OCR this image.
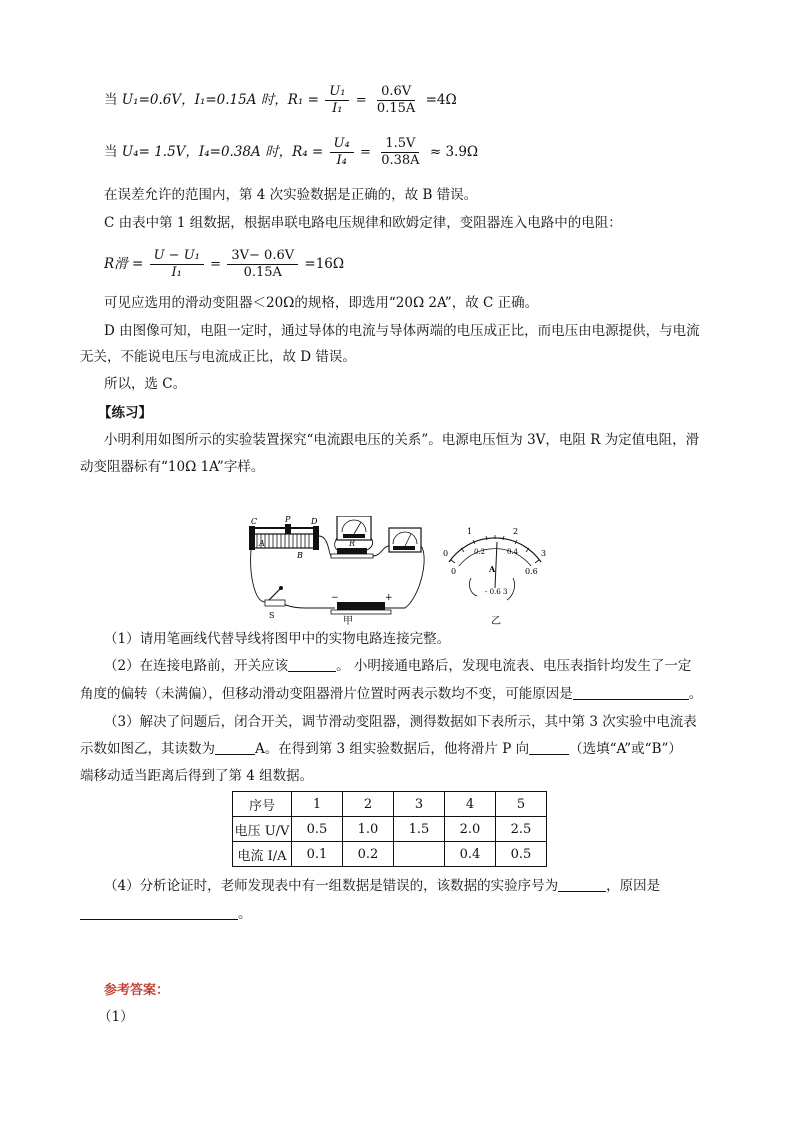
当 U₁=0.6V，I₁=0.15A 时，$R_1 = \frac{\text{U₁}}{\text{I₁}} = \frac{0.6V}{0.15A} =4\Omega$
当 U₄= 1.5V，I₄=0.38A 时，$R_4 = \frac{\text{U₄}}{\text{I₄}} = \frac{1.5V}{0.38A} \approx 3.9\Omega$
在误差允许的范围内，第 4 次实验数据是正确的，故 B 错误。
C 由表中第 1 组数据，根据串联电路电压规律和欧姆定律，变阻器连入电路中的电阻：
R滑 = $\frac{\text{U − U₁}}{\text{I₁}} = \frac{3V- 0.6V}{0.15A} =16\Omega$
可见应选用的滑动变阻器＜20Ω的规格，即选用“20Ω 2A”，故 C 正确。
D 由图像可知，电阻一定时，通过导体的电流与导体两端的电压成正比，而电压由电源提供，与电流
无关，不能说电压与电流成正比，故 D 错误。
所以，选 C。
【练习】
小明利用如图所示的实验装置探究“电流跟电压的关系”。电源电压恒为 3V，电阻 R 为定值电阻，滑
动变阻器标有“10Ω 1A”字样。
C	P	D
A
B
R
−	+
S
甲
0
1	2
3
0.2	0.4
0	0.6
A
- 0.6 3
乙
（1）请用笔画线代替导线将图甲中的实物电路连接完整。
（2）在连接电路前，开关应该	。 小明接通电路后，发现电流表、电压表指针均发生了一定
角度的偏转（未满偏），但移动滑动变阻器滑片位置时两表示数均不变，可能原因是	。
（3）解决了问题后，闭合开关，调节滑动变阻器，测得数据如下表所示，其中第 3 次实验中电流表
示数如图乙，其读数为	A。在得到第 3 组实验数据后，他将滑片 P 向	（选填“A”或“B”）
端移动适当距离后得到了第 4 组数据。
序号	1	2	3	4	5
电压 U/V	0.5	1.0	1.5	2.0	2.5
电流 I/A	0.1	0.2		0.4	0.5
（4）分析论证时，老师发现表中有一组数据是错误的，该数据的实验序号为	，原因是
。
参考答案：
（1）
